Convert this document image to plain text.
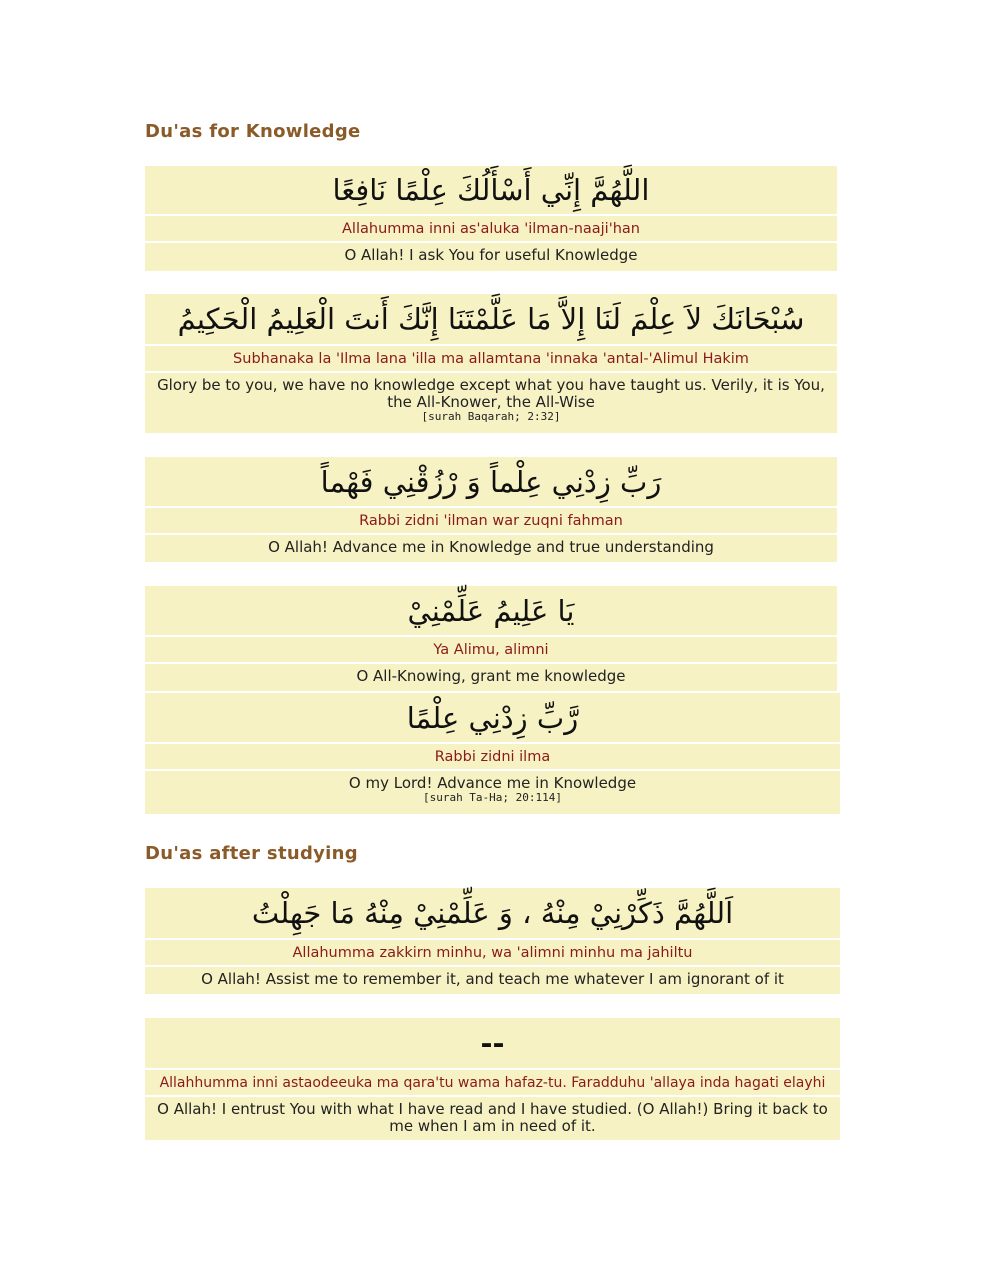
Du'as for Knowledge
اللَّهُمَّ إِنِّي أَسْأَلُكَ عِلْمًا نَافِعًا
Allahumma inni as'aluka 'ilman-naaji'han
O Allah! I ask You for useful Knowledge
سُبْحَانَكَ لاَ عِلْمَ لَنَا إِلاَّ مَا عَلَّمْتَنَا إِنَّكَ أَنتَ الْعَلِيمُ الْحَكِيمُ
Subhanaka la 'Ilma lana 'illa ma allamtana 'innaka 'antal-'Alimul Hakim
Glory be to you, we have no knowledge except what you have taught us. Verily, it is You, the All-Knower, the All-Wise
[surah Baqarah; 2:32]
رَبِّ زِدْنِي عِلْماً وَ رْزُقْنِي فَهْماً
Rabbi zidni 'ilman war zuqni fahman
O Allah! Advance me in Knowledge and true understanding
يَا عَلِيمُ عَلِّمْنِيْ
Ya Alimu, alimni
O All-Knowing, grant me knowledge
رَّبِّ زِدْنِي عِلْمًا
Rabbi zidni ilma
O my Lord! Advance me in Knowledge
[surah Ta-Ha; 20:114]
Du'as after studying
اَللَّهُمَّ ذَكِّرْنِيْ مِنْهُ ، وَ عَلِّمْنِيْ مِنْهُ مَا جَهِلْتُ
Allahumma zakkirn minhu, wa 'alimni minhu ma jahiltu
O Allah! Assist me to remember it, and teach me whatever I am ignorant of it
--
Allahhumma inni astaodeeuka ma qara'tu wama hafaz-tu. Faradduhu 'allaya inda hagati elayhi
O Allah! I entrust You with what I have read and I have studied. (O Allah!) Bring it back to me when I am in need of it.
